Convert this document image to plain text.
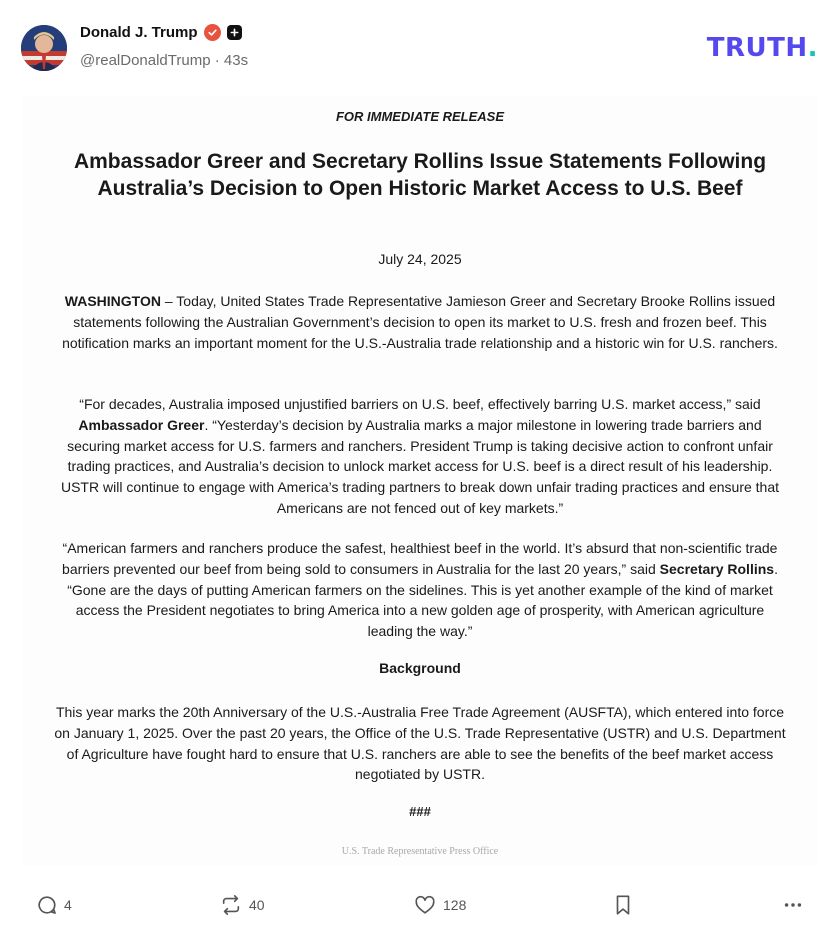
Donald J. Trump
@realDonaldTrump · 43s	TRUTH.
FOR IMMEDIATE RELEASE
Ambassador Greer and Secretary Rollins Issue Statements Following Australia’s Decision to Open Historic Market Access to U.S. Beef
July 24, 2025
WASHINGTON – Today, United States Trade Representative Jamieson Greer and Secretary Brooke Rollins issued statements following the Australian Government’s decision to open its market to U.S. fresh and frozen beef. This notification marks an important moment for the U.S.-Australia trade relationship and a historic win for U.S. ranchers.
“For decades, Australia imposed unjustified barriers on U.S. beef, effectively barring U.S. market access,” said Ambassador Greer. “Yesterday’s decision by Australia marks a major milestone in lowering trade barriers and securing market access for U.S. farmers and ranchers. President Trump is taking decisive action to confront unfair trading practices, and Australia’s decision to unlock market access for U.S. beef is a direct result of his leadership. USTR will continue to engage with America’s trading partners to break down unfair trading practices and ensure that Americans are not fenced out of key markets.”
“American farmers and ranchers produce the safest, healthiest beef in the world. It’s absurd that non-scientific trade barriers prevented our beef from being sold to consumers in Australia for the last 20 years,” said Secretary Rollins. “Gone are the days of putting American farmers on the sidelines. This is yet another example of the kind of market access the President negotiates to bring America into a new golden age of prosperity, with American agriculture leading the way.”
Background
This year marks the 20th Anniversary of the U.S.-Australia Free Trade Agreement (AUSFTA), which entered into force on January 1, 2025. Over the past 20 years, the Office of the U.S. Trade Representative (USTR) and U.S. Department of Agriculture have fought hard to ensure that U.S. ranchers are able to see the benefits of the beef market access negotiated by USTR.
###
U.S. Trade Representative Press Office
4	40	128
